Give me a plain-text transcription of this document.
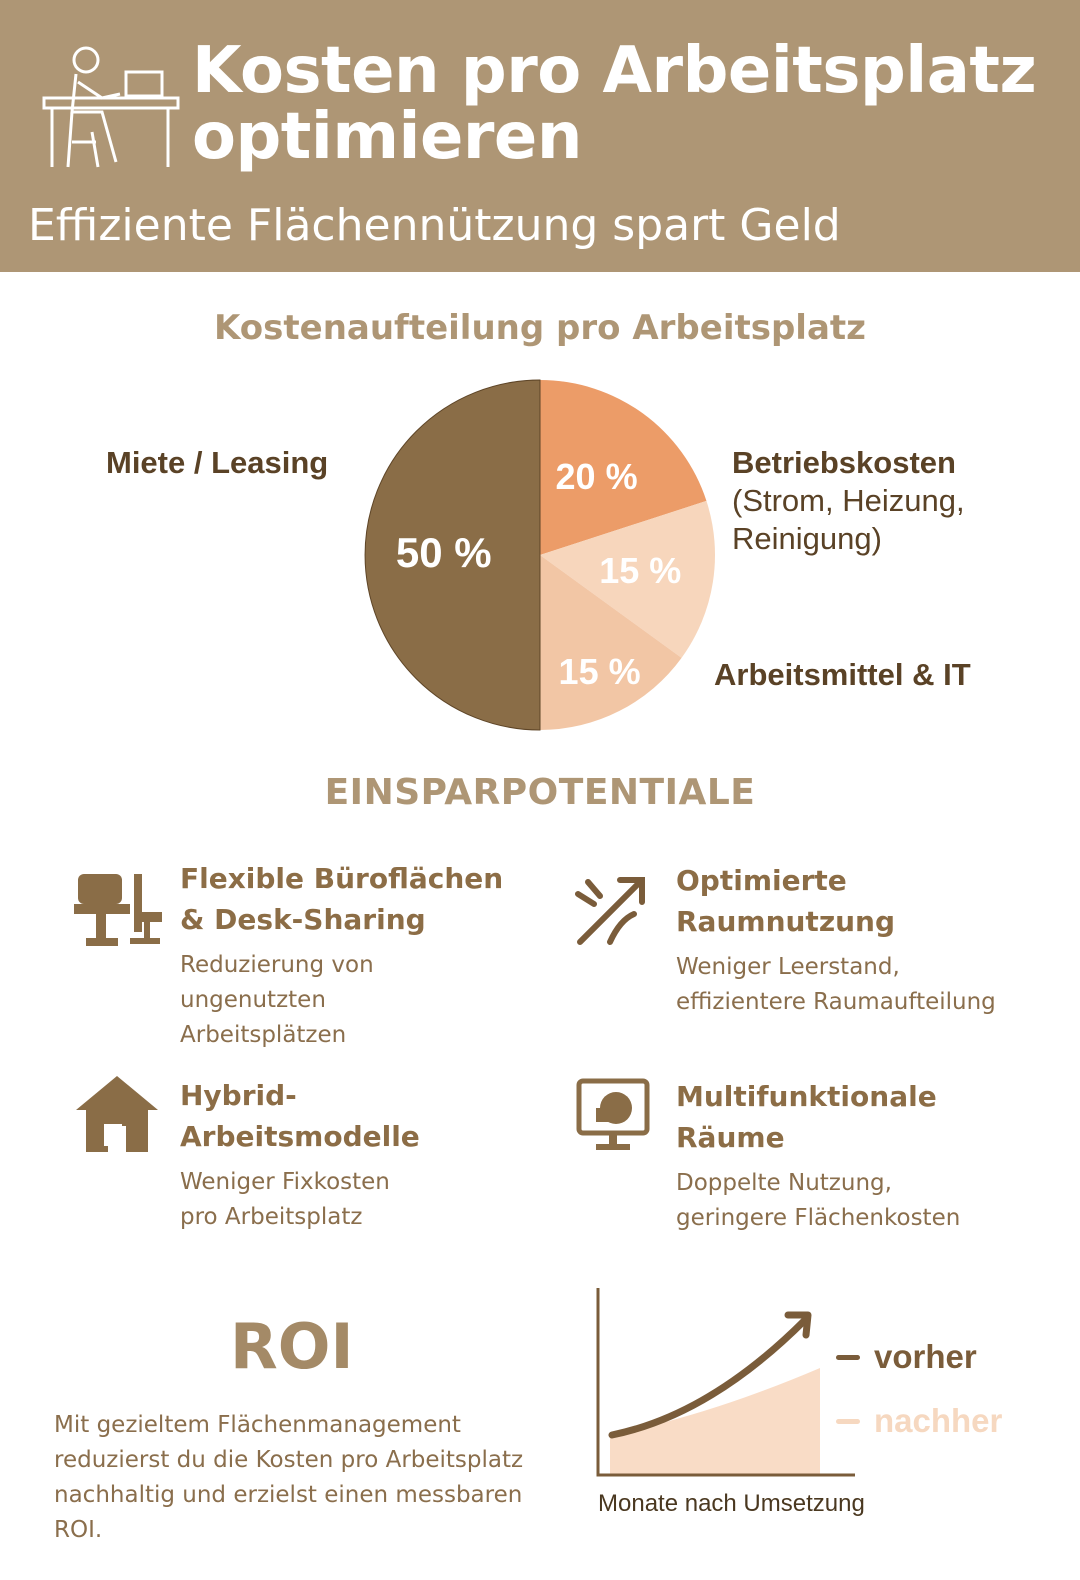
Kosten pro Arbeitsplatz
optimieren
Effiziente Flächennützung spart Geld
Kostenaufteilung pro Arbeitsplatz
20 %
15 %
15 %
50 %
Miete / Leasing	Betriebskosten
(Strom, Heizung,
Reinigung)
Arbeitsmittel & IT
EINSPARPOTENTIALE
Flexible Büroflächen
& Desk-Sharing

Reduzierung von
ungenutzten
Arbeitsplätzen

Optimierte
Raumnutzung

Weniger Leerstand,
effizientere Raumaufteilung

Hybrid-
Arbeitsmodelle

Weniger Fixkosten
pro Arbeitsplatz

Multifunktionale
Räume

Doppelte Nutzung,
geringere Flächenkosten

ROI
Mit gezieltem Flächenmanagement reduzierst du die Kosten pro Arbeitsplatz nachhaltig und erzielst einen messbaren ROI.
vorher
nachher
Monate nach Umsetzung
